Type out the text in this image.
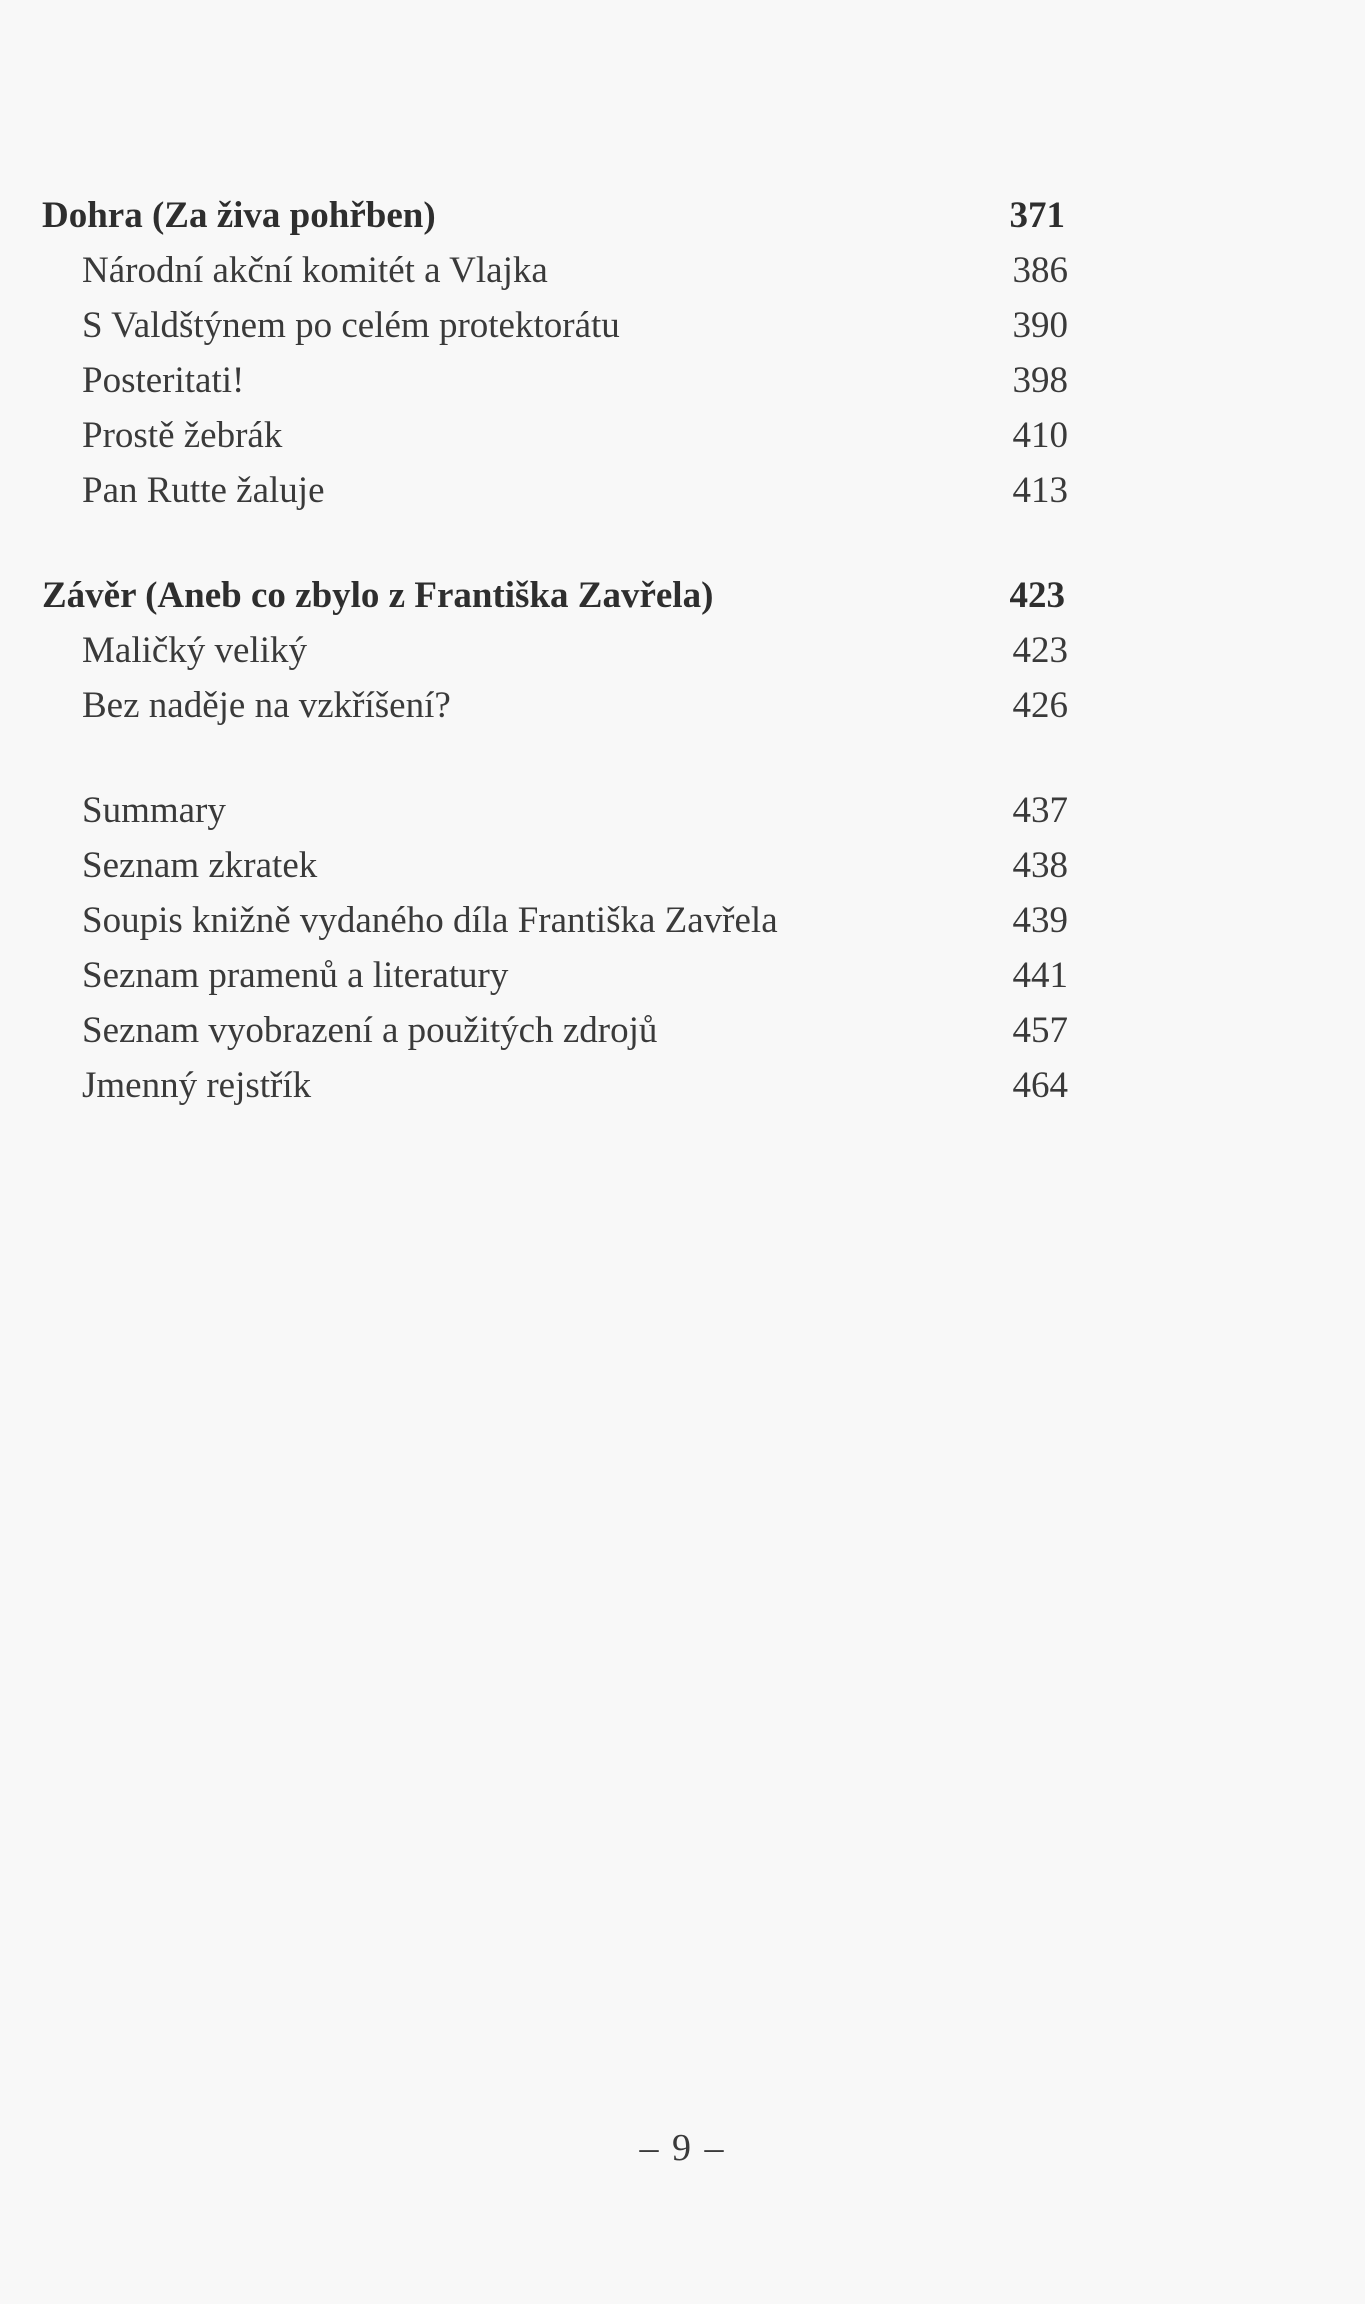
Dohra (Za živa pohřben)	371
Národní akční komitét a Vlajka	386
S Valdštýnem po celém protektorátu	390
Posteritati!	398
Prostě žebrák	410
Pan Rutte žaluje	413
Závěr (Aneb co zbylo z Františka Zavřela)	423
Maličký veliký	423
Bez naděje na vzkříšení?	426
Summary	437
Seznam zkratek	438
Soupis knižně vydaného díla Františka Zavřela	439
Seznam pramenů a literatury	441
Seznam vyobrazení a použitých zdrojů	457
Jmenný rejstřík	464
– 9 –
